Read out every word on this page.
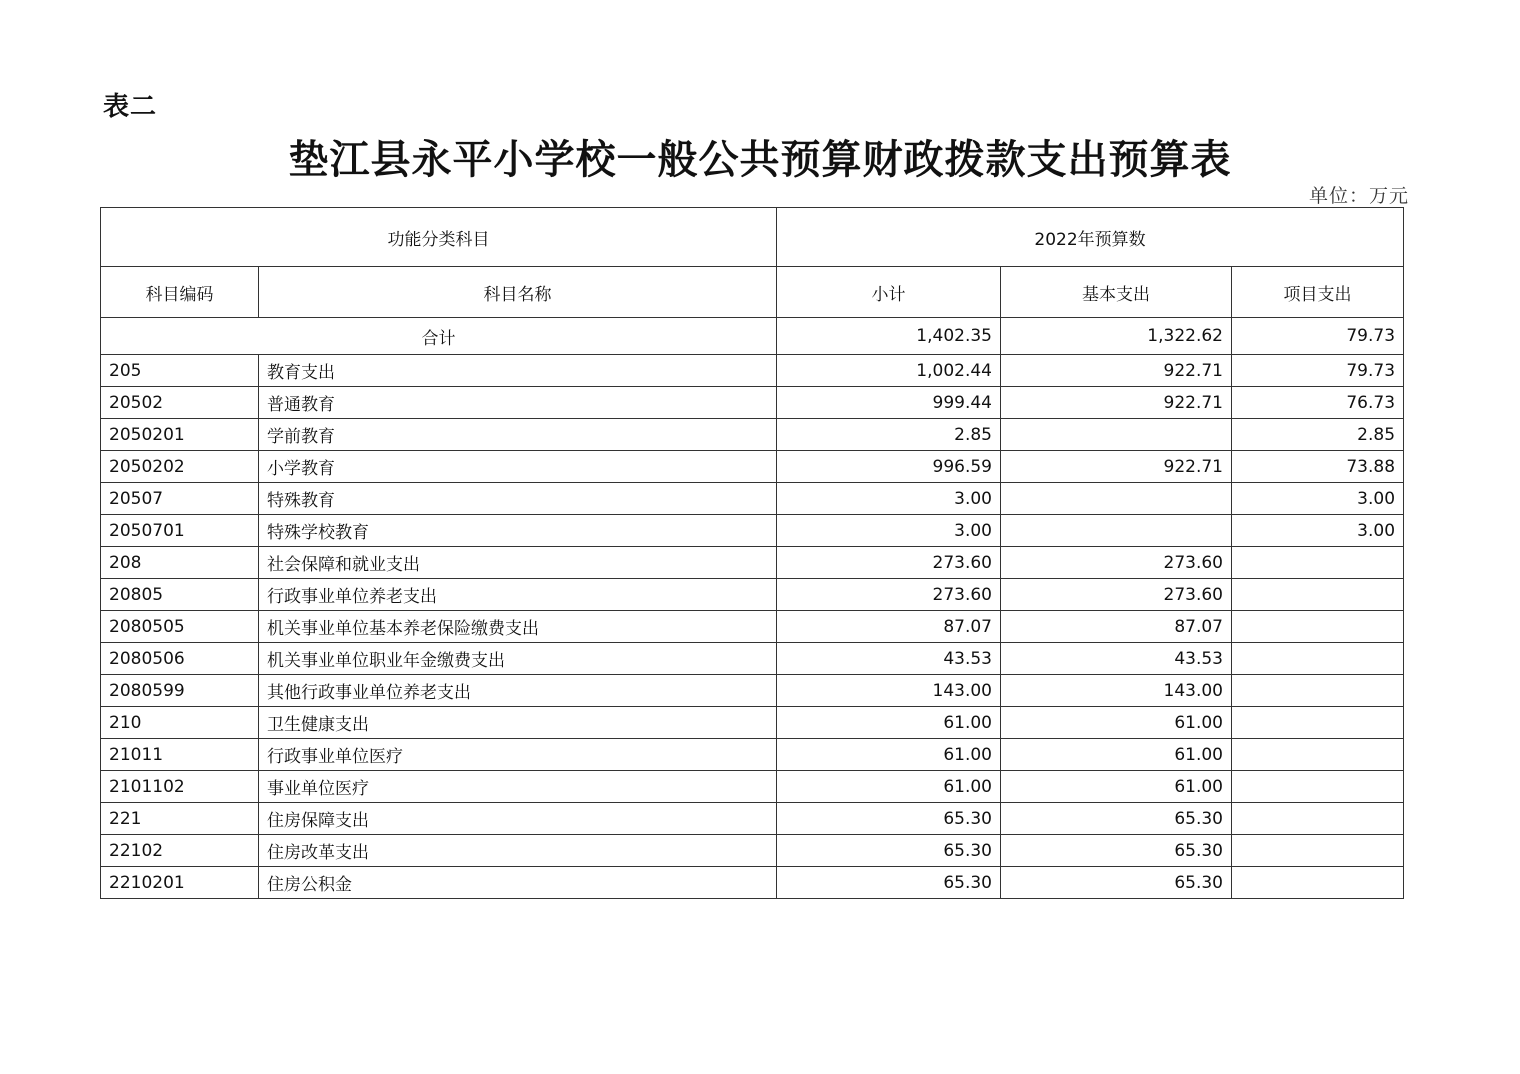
表二
垫江县永平小学校一般公共预算财政拨款支出预算表
单位：万元
功能分类科目		2022年预算数		
科目编码	科目名称	小计	基本支出	项目支出
合计		1,402.35	1,322.62	79.73
205	教育支出	1,002.44	922.71	79.73
20502	普通教育	999.44	922.71	76.73
2050201	学前教育	2.85		2.85
2050202	小学教育	996.59	922.71	73.88
20507	特殊教育	3.00		3.00
2050701	特殊学校教育	3.00		3.00
208	社会保障和就业支出	273.60	273.60	
20805	行政事业单位养老支出	273.60	273.60	
2080505	机关事业单位基本养老保险缴费支出	87.07	87.07	
2080506	机关事业单位职业年金缴费支出	43.53	43.53	
2080599	其他行政事业单位养老支出	143.00	143.00	
210	卫生健康支出	61.00	61.00	
21011	行政事业单位医疗	61.00	61.00	
2101102	事业单位医疗	61.00	61.00	
221	住房保障支出	65.30	65.30	
22102	住房改革支出	65.30	65.30	
2210201	住房公积金	65.30	65.30	
